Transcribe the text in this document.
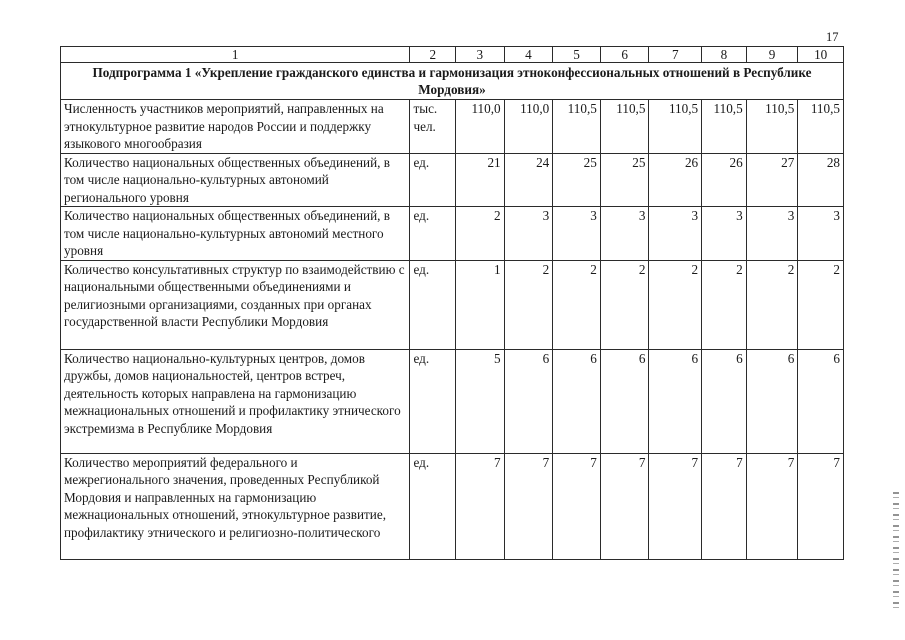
17
1	2	3	4	5	6	7	8	9	10
Подпрограмма 1 «Укрепление гражданского единства и гармонизация этноконфессиональных отношений в Республике Мордовия»									
Численность участников мероприятий, направленных на этнокультурное развитие народов России и поддержку языкового многообразия	тыс. чел.	110,0	110,0	110,5	110,5	110,5	110,5	110,5	110,5
Количество национальных общественных объединений, в том числе национально-культурных автономий регионального уровня	ед.	21	24	25	25	26	26	27	28
Количество национальных общественных объединений, в том числе национально-культурных автономий местного уровня	ед.	2	3	3	3	3	3	3	3
Количество консультативных структур по взаимодействию с национальными общественными объединениями и религиозными организациями, созданных при органах государственной власти Республики Мордовия	ед.	1	2	2	2	2	2	2	2
Количество национально-культурных центров, домов дружбы, домов национальностей, центров встреч, деятельность которых направлена на гармонизацию межнациональных отношений и профилактику этнического экстремизма в Республике Мордовия	ед.	5	6	6	6	6	6	6	6

Количество мероприятий федерального и межрегионального значения, проведенных Республикой Мордовия и направленных на гармонизацию межнациональных отношений, этнокультурное развитие, профилактику этнического и религиозно-политического	ед.	7	7	7	7	7	7	7	7
